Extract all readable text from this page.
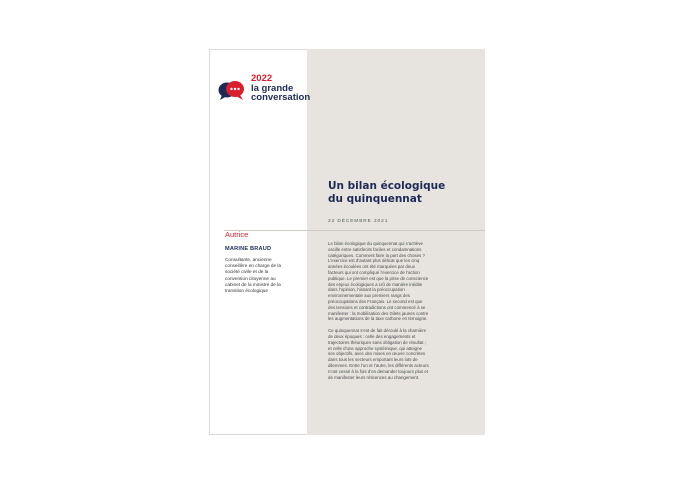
2022
la grande
conversation
Un bilan écologique
du quinquennat
22 DÉCEMBRE 2021
Autrice
MARINE BRAUD
Consultante, ancienne
conseillère en charge de la
société civile et de la
convention citoyenne au
cabinet de la ministre de la
transition écologique
Le bilan écologique du quinquennat qui s’achève
oscille entre satisfecits faciles et condamnations
catégoriques. Comment faire la part des choses ?
L’exercice est d’autant plus délicat que les cinq
années écoulées ont été marquées par deux
facteurs qui ont compliqué l’exercice de l’action
publique. Le premier est que la prise de conscience
des enjeux écologiques a crû de manière inédite
dans l’opinion, hissant la préoccupation
environnementale aux premiers rangs des
préoccupations des Français. Le second est que
des tensions et contradictions ont commencé à se
manifester : la mobilisation des Gilets jaunes contre
les augmentations de la taxe carbone en témoigne.
Ce quinquennat s’est de fait déroulé à la charnière
de deux époques : celle des engagements et
trajectoires théoriques sans obligation de résultat ;
et celle d’une approche systémique, qui atteigne
ses objectifs, avec des mises en œuvre concrètes
dans tous les secteurs emportant leurs lots de
dilemmes. Entre l’un et l’autre, les différents acteurs
n’ont cessé à la fois d’en demander toujours plus et
de manifester leurs réticences au changement.
